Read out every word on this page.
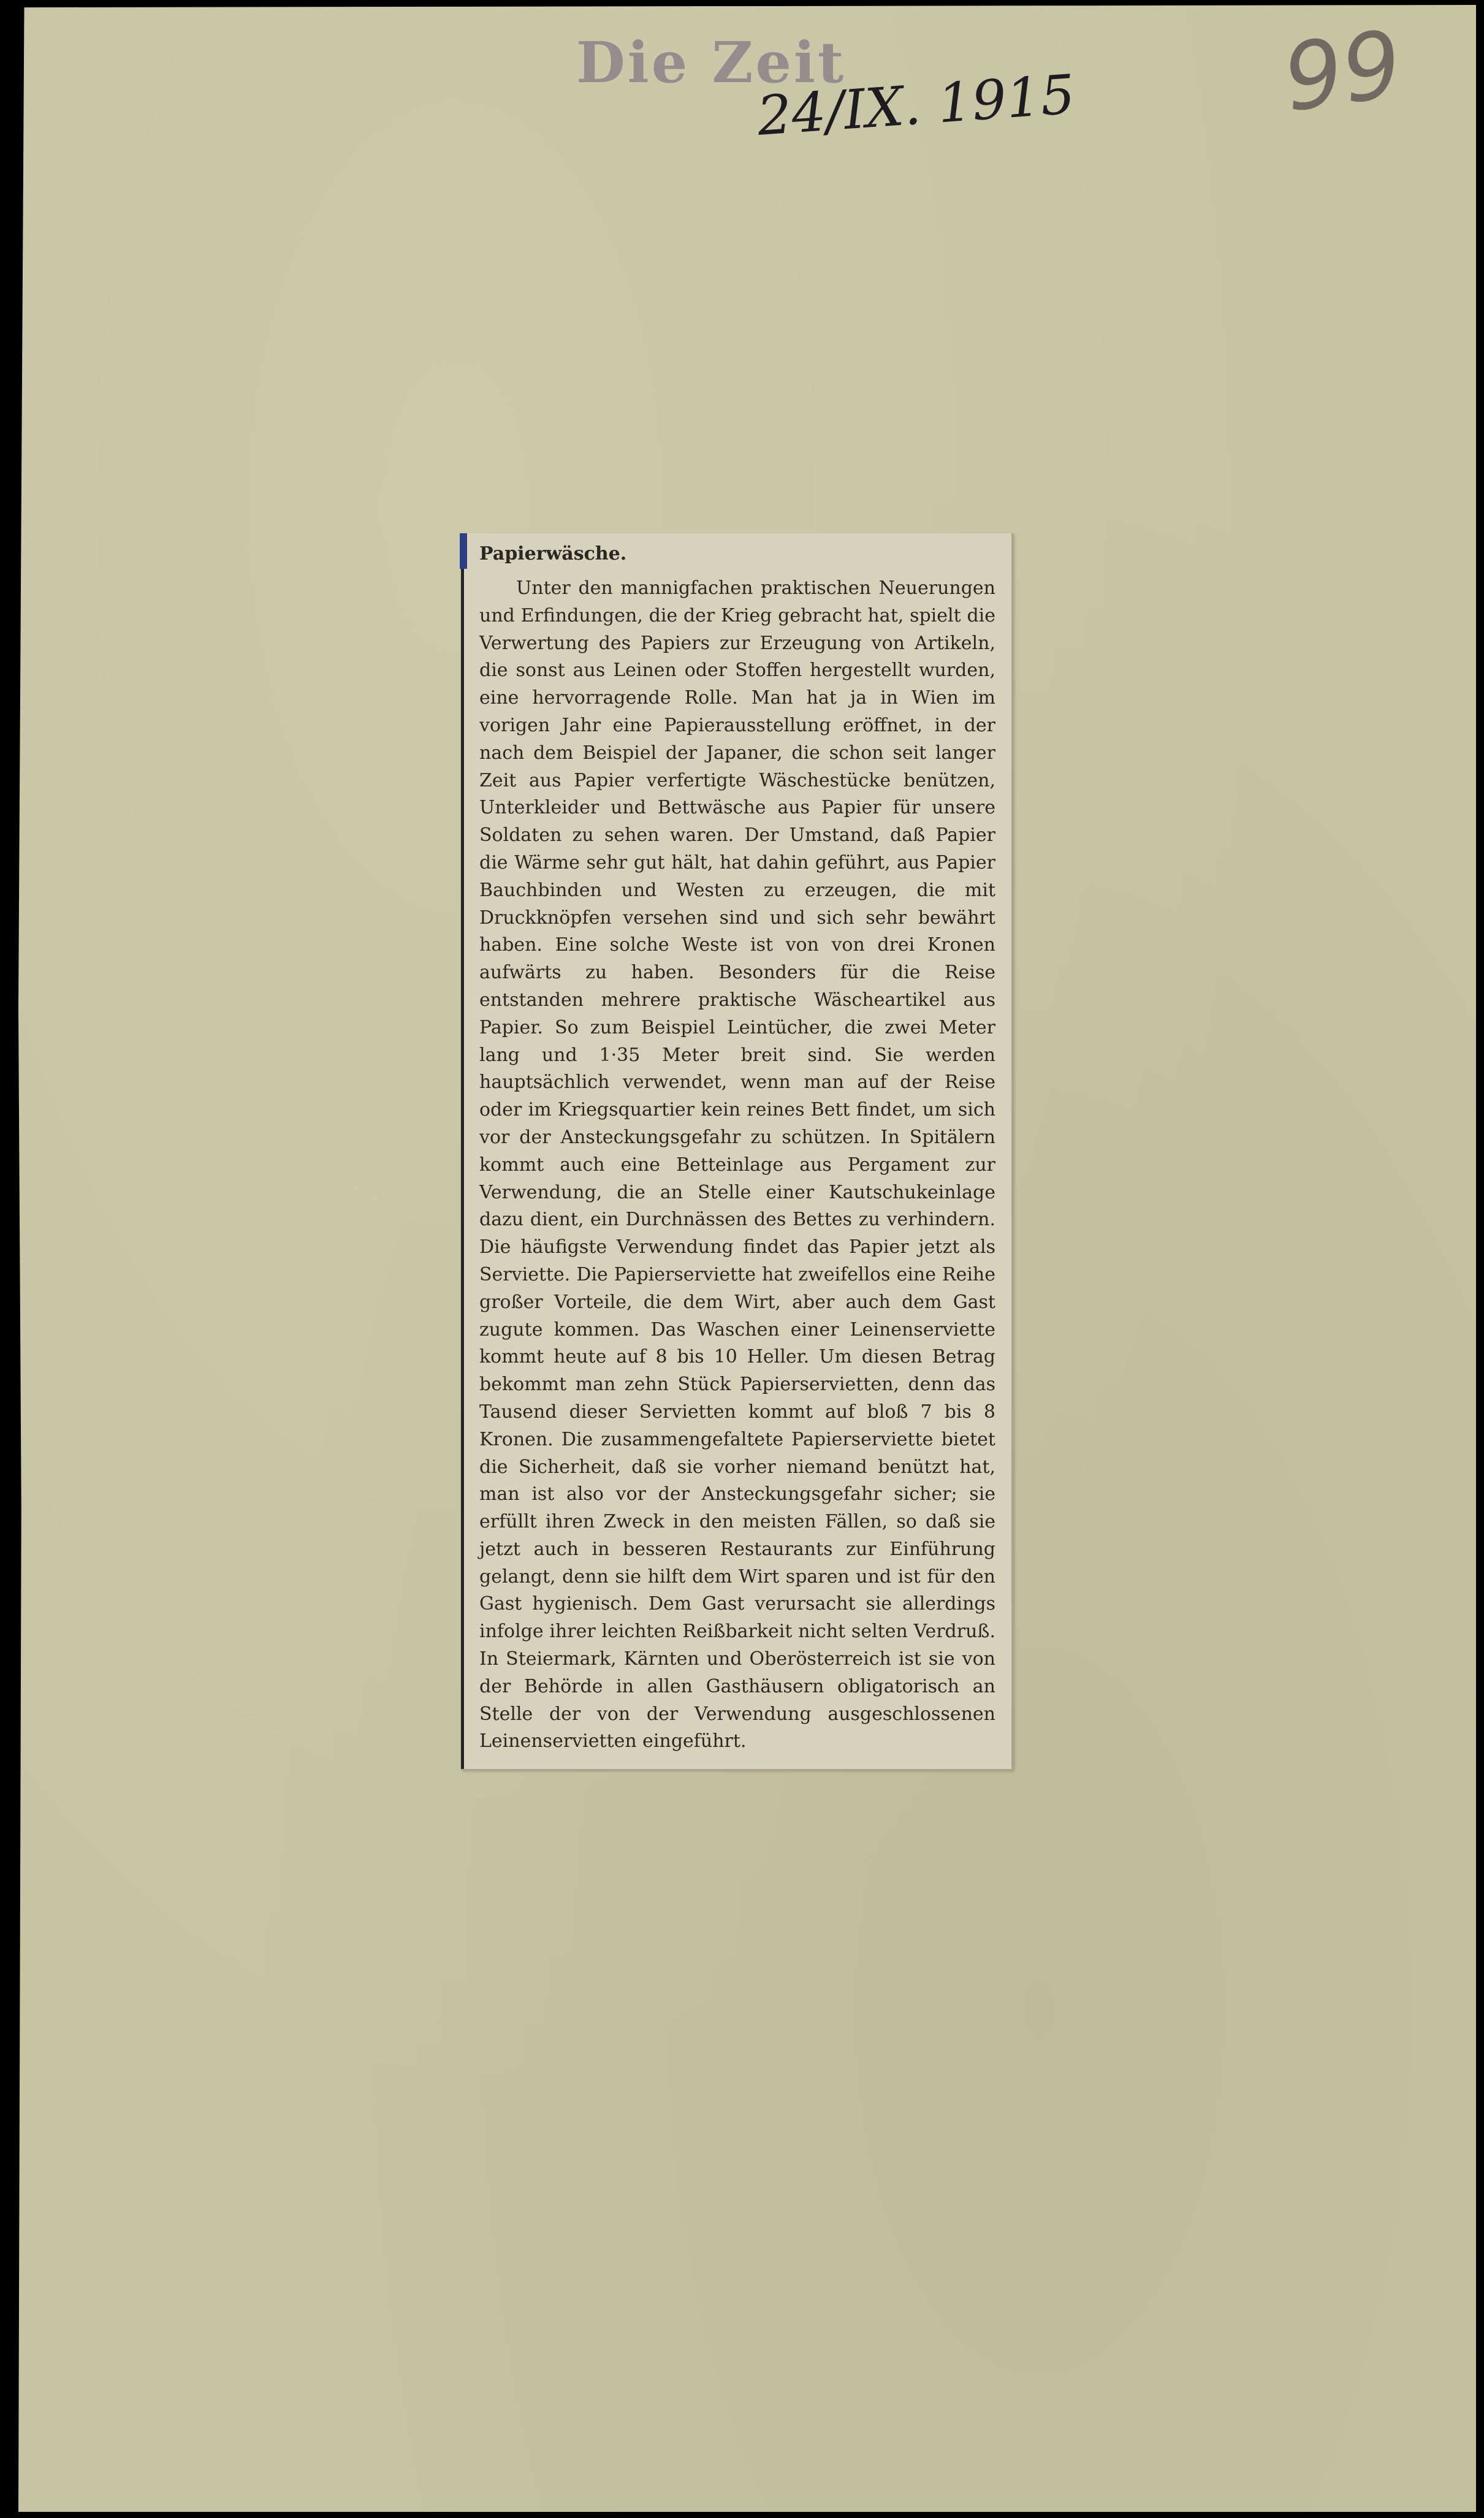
Die Zeit
24/IX. 1915 99

Papierwäsche.

Unter den mannigfachen praktischen Neuerungen und Erfindungen, die der Krieg gebracht hat, spielt die Verwertung des Papiers zur Erzeugung von Artikeln, die sonst aus Leinen oder Stoffen hergestellt wurden, eine hervorragende Rolle. Man hat ja in Wien im vorigen Jahr eine Papierausstellung eröffnet, in der nach dem Beispiel der Japaner, die schon seit langer Zeit aus Papier verfertigte Wäschestücke benützen, Unterkleider und Bettwäsche aus Papier für unsere Soldaten zu sehen waren. Der Umstand, daß Papier die Wärme sehr gut hält, hat dahin geführt, aus Papier Bauchbinden und Westen zu erzeugen, die mit Druckknöpfen versehen sind und sich sehr bewährt haben. Eine solche Weste ist von von drei Kronen aufwärts zu haben. Besonders für die Reise entstanden mehrere praktische Wäscheartikel aus Papier. So zum Beispiel Leintücher, die zwei Meter lang und 1·35 Meter breit sind. Sie werden hauptsächlich verwendet, wenn man auf der Reise oder im Kriegsquartier kein reines Bett findet, um sich vor der Ansteckungsgefahr zu schützen. In Spitälern kommt auch eine Betteinlage aus Pergament zur Verwendung, die an Stelle einer Kautschukeinlage dazu dient, ein Durchnässen des Bettes zu verhindern. Die häufigste Verwendung findet das Papier jetzt als Serviette. Die Papierserviette hat zweifellos eine Reihe großer Vorteile, die dem Wirt, aber auch dem Gast zugute kommen. Das Waschen einer Leinenserviette kommt heute auf 8 bis 10 Heller. Um diesen Betrag bekommt man zehn Stück Papierservietten, denn das Tausend dieser Servietten kommt auf bloß 7 bis 8 Kronen. Die zusammengefaltete Papierserviette bietet die Sicherheit, daß sie vorher niemand benützt hat, man ist also vor der Ansteckungsgefahr sicher; sie erfüllt ihren Zweck in den meisten Fällen, so daß sie jetzt auch in besseren Restaurants zur Einführung gelangt, denn sie hilft dem Wirt sparen und ist für den Gast hygienisch. Dem Gast verursacht sie allerdings infolge ihrer leichten Reißbarkeit nicht selten Verdruß. In Steiermark, Kärnten und Oberösterreich ist sie von der Behörde in allen Gasthäusern obligatorisch an Stelle der von der Verwendung ausgeschlossenen Leinenservietten eingeführt.
